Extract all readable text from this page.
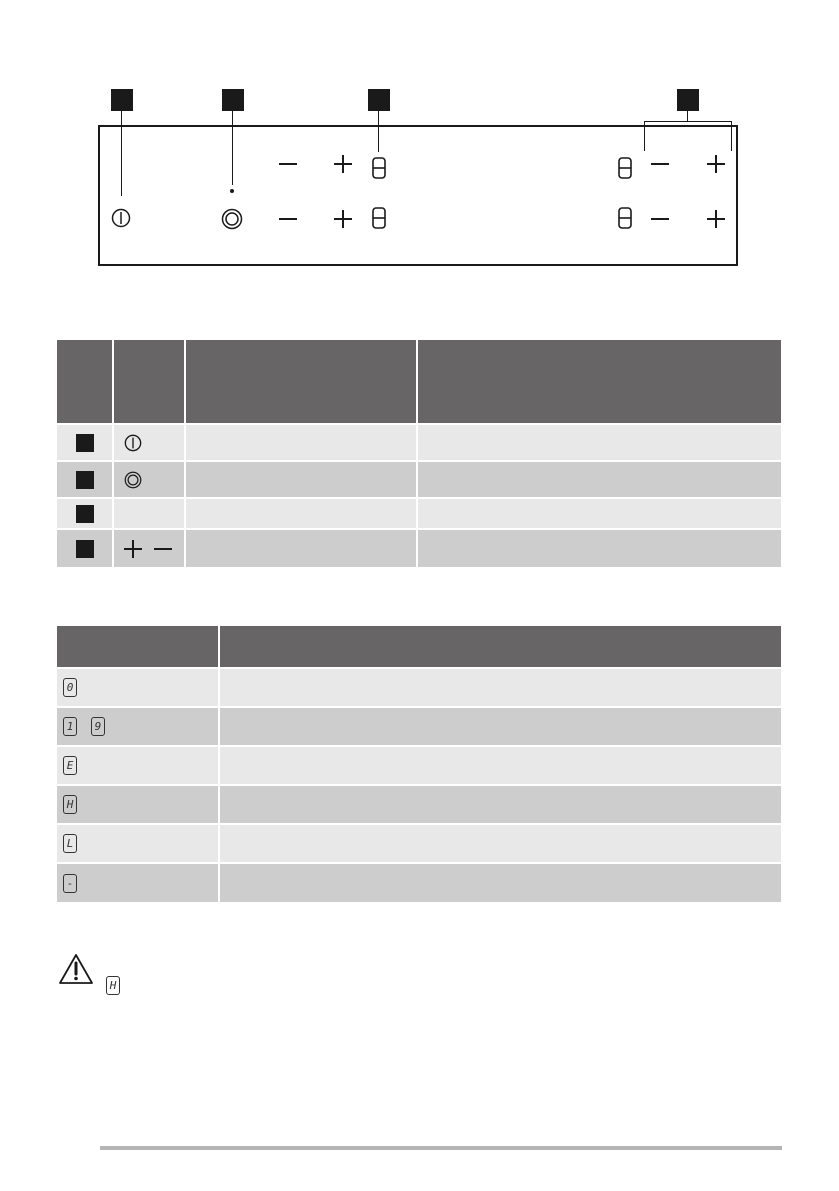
0	
1 9	
E	
H	
L	
-	
H
